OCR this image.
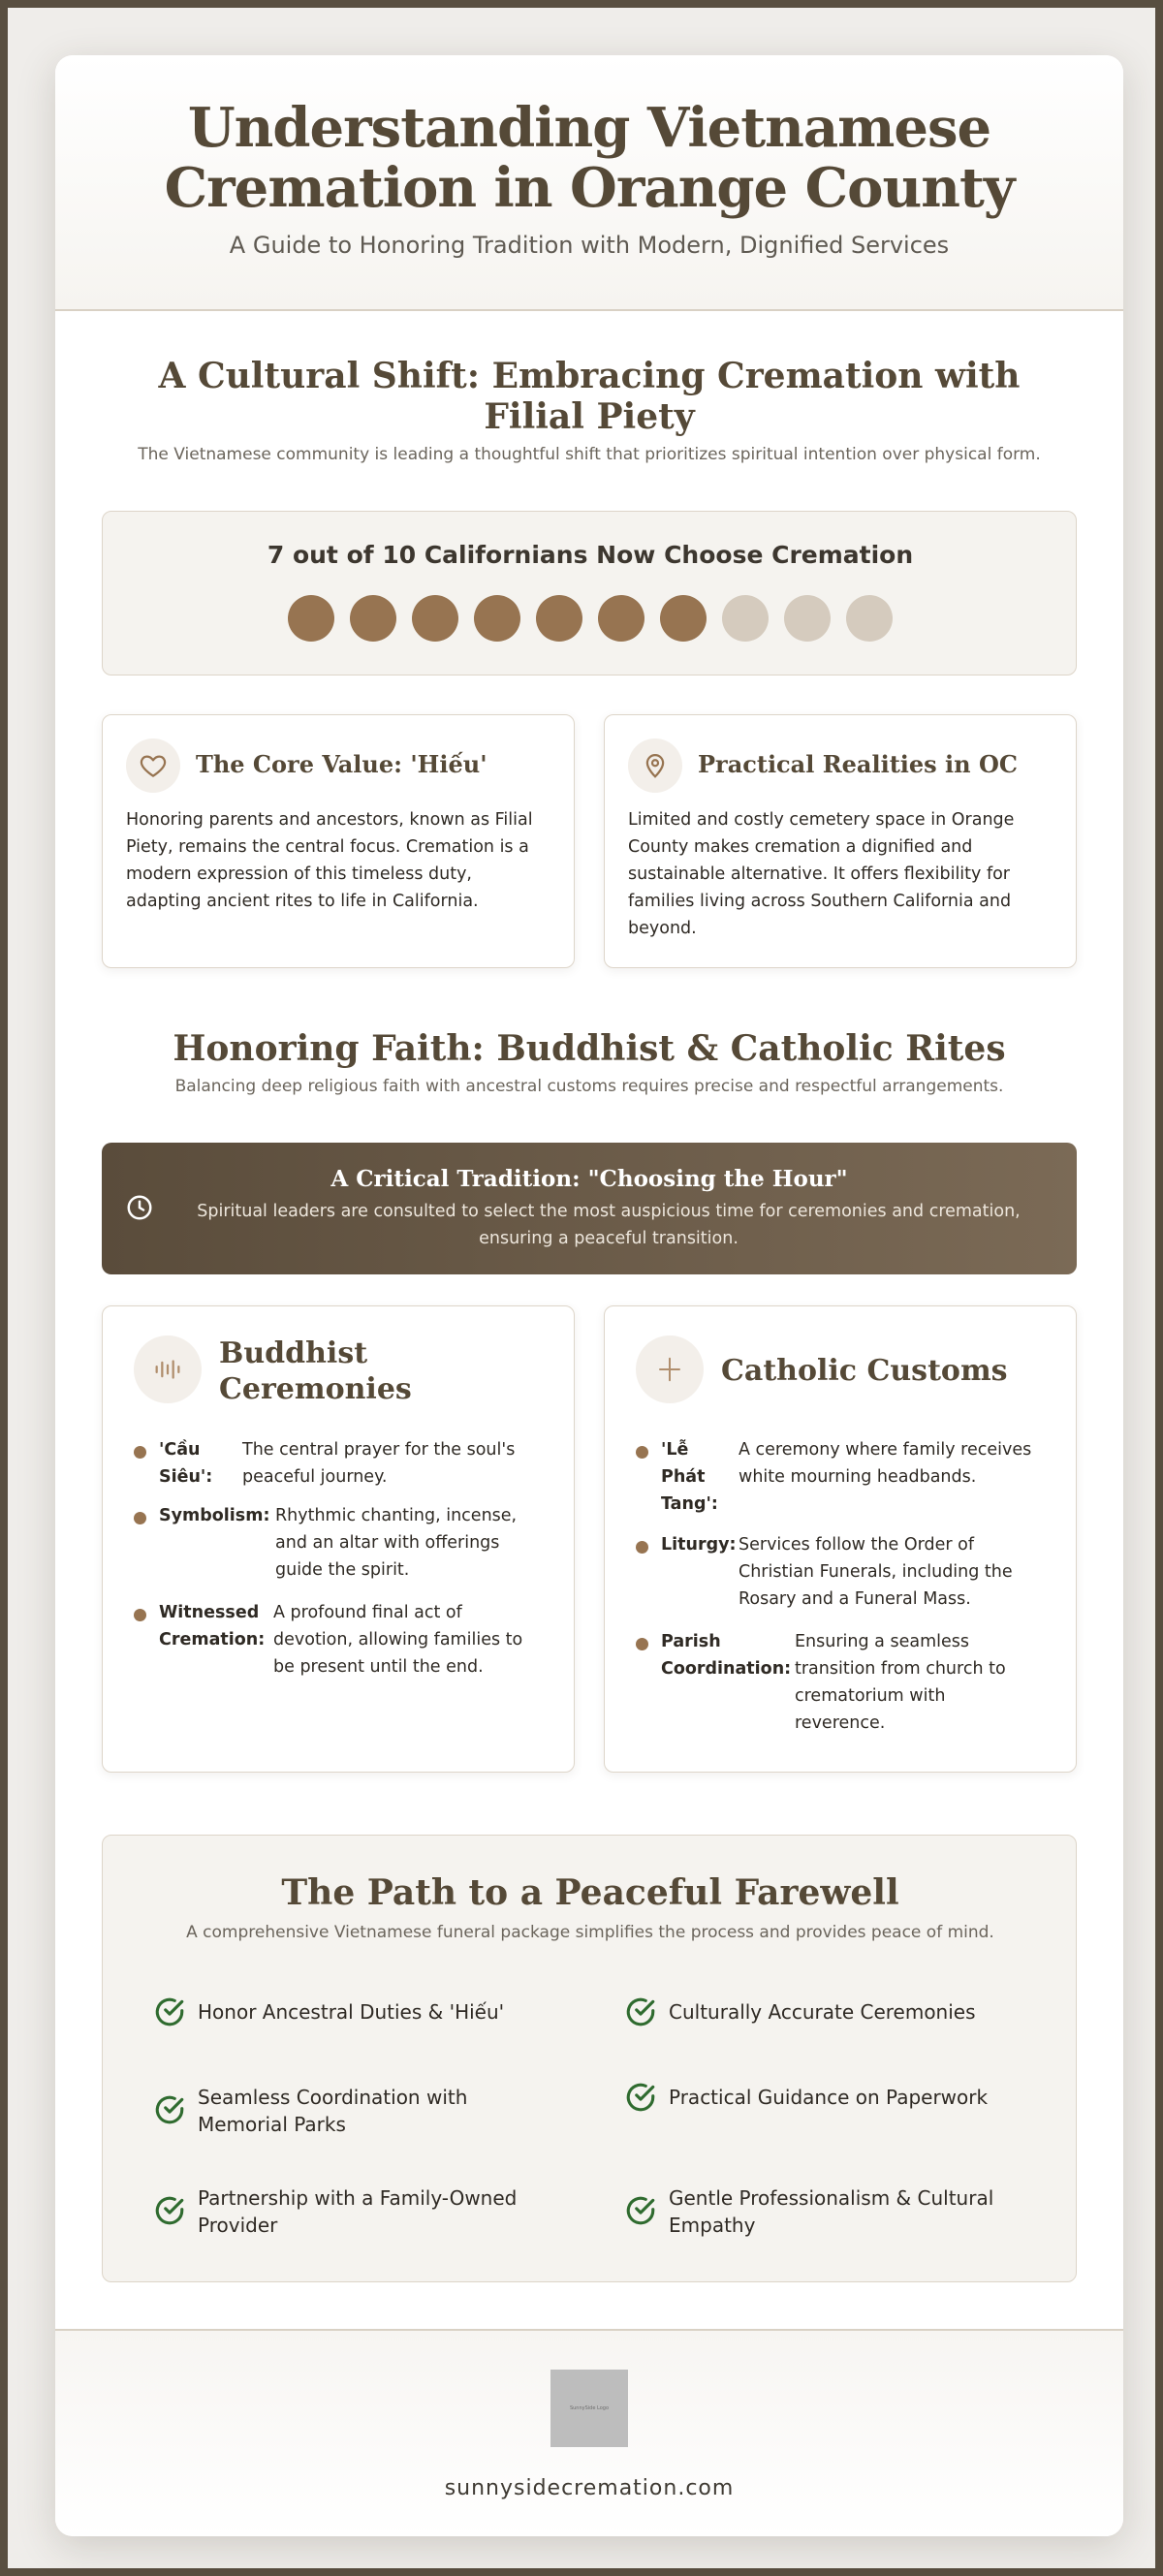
Understanding Vietnamese
Cremation in Orange County
A Guide to Honoring Tradition with Modern, Dignified Services
A Cultural Shift: Embracing Cremation with Filial Piety
The Vietnamese community is leading a thoughtful shift that prioritizes spiritual intention over physical form.
7 out of 10 Californians Now Choose Cremation
The Core Value: 'Hiếu'
Honoring parents and ancestors, known as Filial Piety, remains the central focus. Cremation is a modern expression of this timeless duty, adapting ancient rites to life in California.
Practical Realities in OC
Limited and costly cemetery space in Orange County makes cremation a dignified and sustainable alternative. It offers flexibility for families living across Southern California and beyond.
Honoring Faith: Buddhist & Catholic Rites
Balancing deep religious faith with ancestral customs requires precise and respectful arrangements.
A Critical Tradition: "Choosing the Hour"
Spiritual leaders are consulted to select the most auspicious time for ceremonies and cremation, ensuring a peaceful transition.
Buddhist
Ceremonies
'Cầu Siêu':
The central prayer for the soul's peaceful journey.
Symbolism: Rhythmic chanting, incense, and an altar with offerings guide the spirit.
Witnessed Cremation:
A profound final act of devotion, allowing families to be present until the end.
Catholic Customs
'Lễ Phát Tang':
A ceremony where family receives white mourning headbands.
Liturgy: Services follow the Order of Christian Funerals, including the Rosary and a Funeral Mass.
Parish Coordination:
Ensuring a seamless transition from church to crematorium with reverence.
The Path to a Peaceful Farewell
A comprehensive Vietnamese funeral package simplifies the process and provides peace of mind.
Honor Ancestral Duties & 'Hiếu'	Culturally Accurate Ceremonies
Seamless Coordination with Memorial Parks
Practical Guidance on Paperwork
Partnership with a Family-Owned Provider
Gentle Professionalism & Cultural Empathy
SunnySide Logo
sunnysidecremation.com
